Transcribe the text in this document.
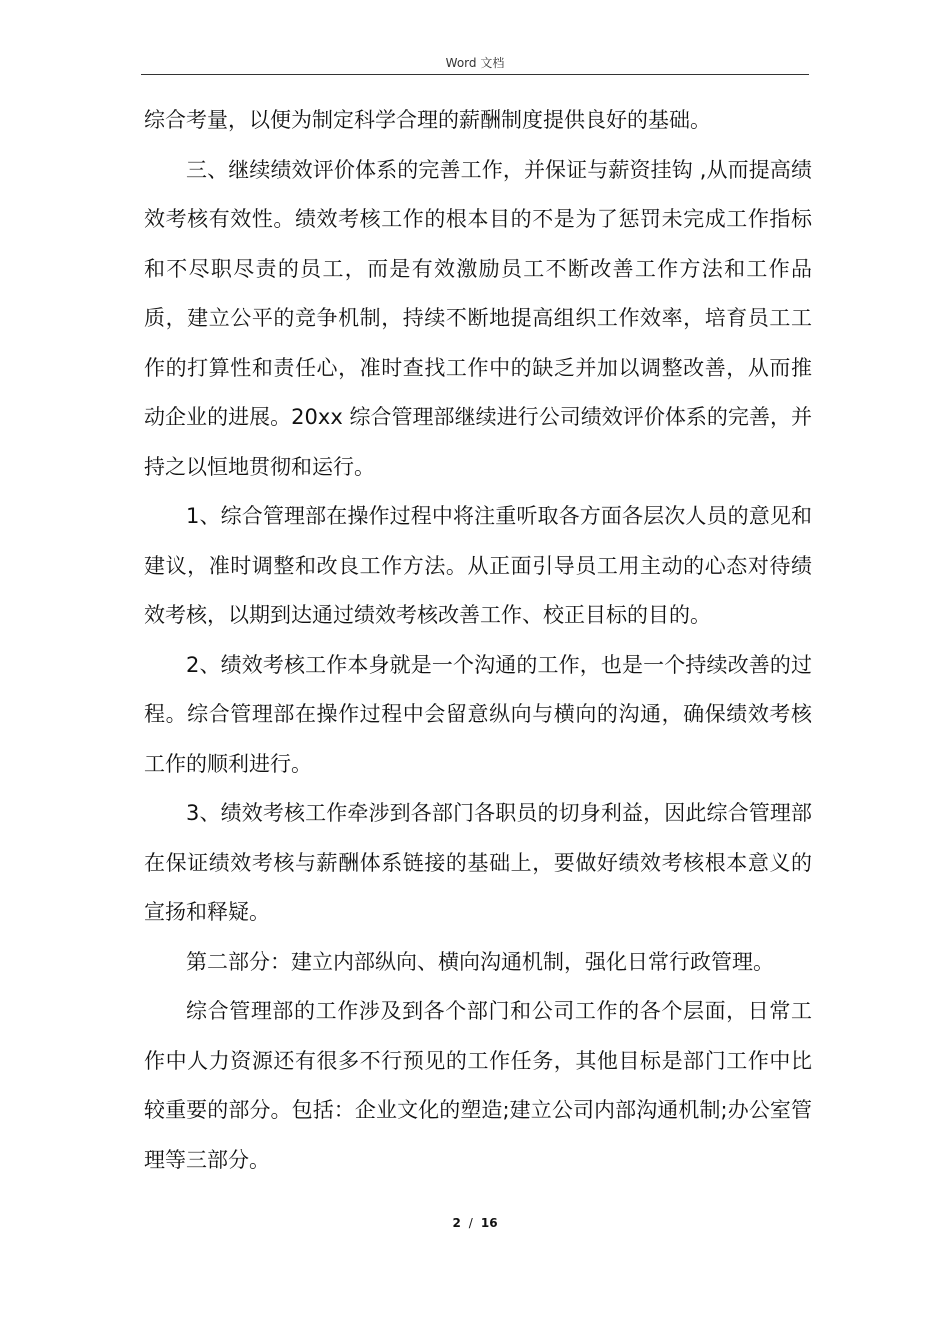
Word 文档

综合考量，以便为制定科学合理的薪酬制度提供良好的基础。

三、继续绩效评价体系的完善工作，并保证与薪资挂钩 ,从而提高绩效考核有效性。绩效考核工作的根本目的不是为了惩罚未完成工作指标和不尽职尽责的员工，而是有效激励员工不断改善工作方法和工作品质，建立公平的竞争机制，持续不断地提高组织工作效率，培育员工工作的打算性和责任心，准时查找工作中的缺乏并加以调整改善，从而推动企业的进展。20xx 综合管理部继续进行公司绩效评价体系的完善，并持之以恒地贯彻和运行。

1、综合管理部在操作过程中将注重听取各方面各层次人员的意见和建议，准时调整和改良工作方法。从正面引导员工用主动的心态对待绩效考核，以期到达通过绩效考核改善工作、校正目标的目的。

2、绩效考核工作本身就是一个沟通的工作，也是一个持续改善的过程。综合管理部在操作过程中会留意纵向与横向的沟通，确保绩效考核工作的顺利进行。

3、绩效考核工作牵涉到各部门各职员的切身利益，因此综合管理部在保证绩效考核与薪酬体系链接的基础上，要做好绩效考核根本意义的宣扬和释疑。

第二部分：建立内部纵向、横向沟通机制，强化日常行政管理。

综合管理部的工作涉及到各个部门和公司工作的各个层面，日常工作中人力资源还有很多不行预见的工作任务，其他目标是部门工作中比较重要的部分。包括：企业文化的塑造;建立公司内部沟通机制;办公室管理等三部分。

2 / 16
